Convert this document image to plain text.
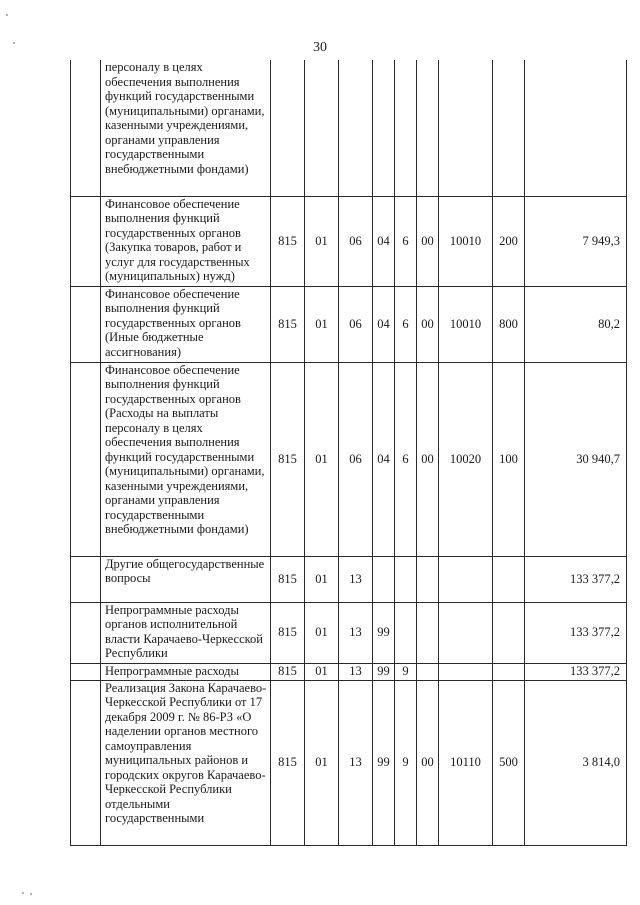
30
	персоналу в целях обеспечения выполнения функций государственными (муниципальными) органами, казенными учреждениями, органами управления государственными внебюджетными фондами)									
	Финансовое обеспечение выполнения функций государственных органов (Закупка товаров, работ и услуг для государственных (муниципальных) нужд)	815	01	06	04	6	00	10010	200	7 949,3
	Финансовое обеспечение выполнения функций государственных органов (Иные бюджетные ассигнования)	815	01	06	04	6	00	10010	800	80,2
	Финансовое обеспечение выполнения функций государственных органов (Расходы на выплаты персоналу в целях обеспечения выполнения функций государственными (муниципальными) органами, казенными учреждениями, органами управления государственными внебюджетными фондами)	815	01	06	04	6	00	10020	100	30 940,7
	Другие общегосударственные вопросы	815	01	13						133 377,2
	Непрограммные расходы органов исполнительной власти Карачаево-Черкесской Республики	815	01	13	99					133 377,2
	Непрограммные расходы	815	01	13	99	9				133 377,2
	Реализация Закона Карачаево-Черкесской Республики от 17 декабря 2009 г. № 86-РЗ «О наделении органов местного самоуправления муниципальных районов и городских округов Карачаево-Черкесской Республики отдельными государственными	815	01	13	99	9	00	10110	500	3 814,0
